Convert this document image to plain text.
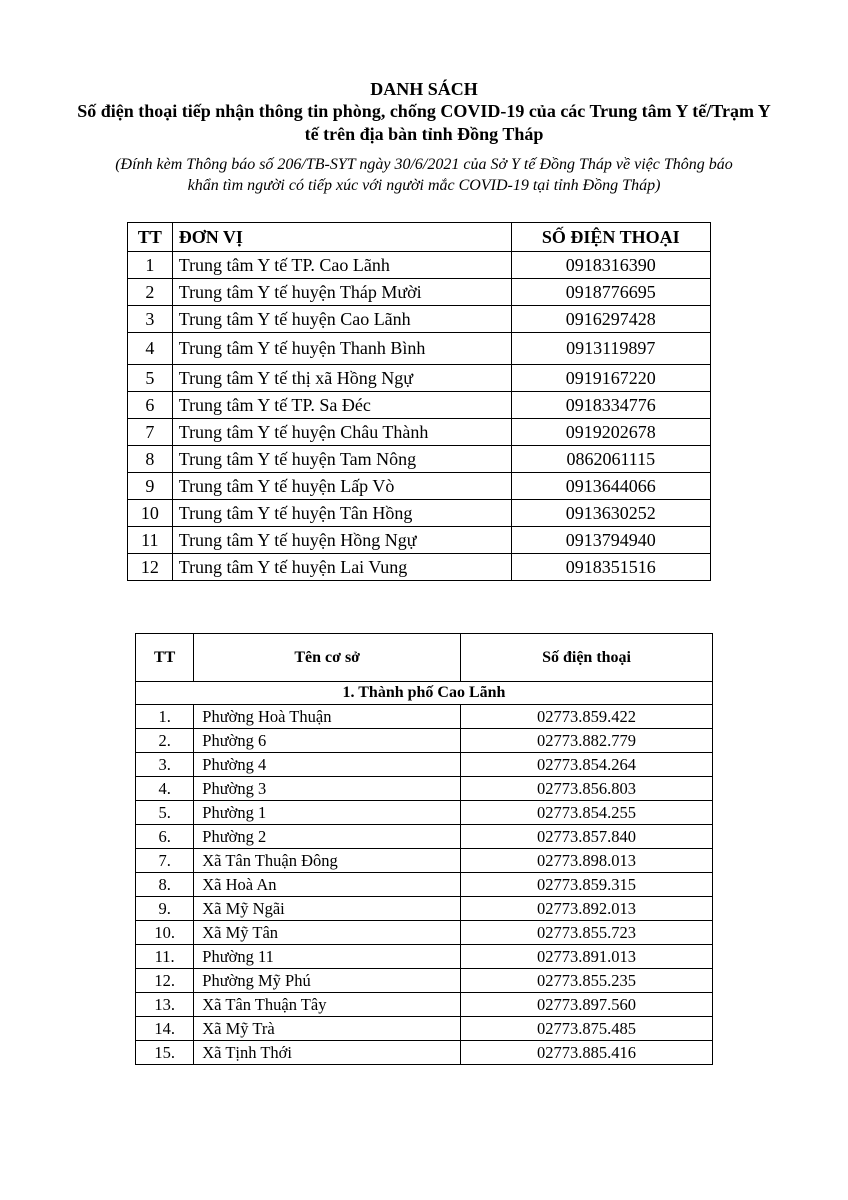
DANH SÁCH
Số điện thoại tiếp nhận thông tin phòng, chống COVID-19 của các Trung tâm Y tế/Trạm Y tế trên địa bàn tỉnh Đồng Tháp
(Đính kèm Thông báo số 206/TB-SYT ngày 30/6/2021 của Sở Y tế Đồng Tháp về việc Thông báo khẩn tìm người có tiếp xúc với người mắc COVID-19 tại tỉnh Đồng Tháp)
TT	ĐƠN VỊ	SỐ ĐIỆN THOẠI
1	Trung tâm Y tế TP. Cao Lãnh	0918316390
2	Trung tâm Y tế huyện Tháp Mười	0918776695
3	Trung tâm Y tế huyện Cao Lãnh	0916297428
4	Trung tâm Y tế huyện Thanh Bình	0913119897
5	Trung tâm Y tế thị xã Hồng Ngự	0919167220
6	Trung tâm Y tế TP. Sa Đéc	0918334776
7	Trung tâm Y tế huyện Châu Thành	0919202678
8	Trung tâm Y tế huyện Tam Nông	0862061115
9	Trung tâm Y tế huyện Lấp Vò	0913644066
10	Trung tâm Y tế huyện Tân Hồng	0913630252
11	Trung tâm Y tế huyện Hồng Ngự	0913794940
12	Trung tâm Y tế huyện Lai Vung	0918351516
TT	Tên cơ sở	Số điện thoại
1. Thành phố Cao Lãnh		
1.	Phường Hoà Thuận	02773.859.422
2.	Phường 6	02773.882.779
3.	Phường 4	02773.854.264
4.	Phường 3	02773.856.803
5.	Phường 1	02773.854.255
6.	Phường 2	02773.857.840
7.	Xã Tân Thuận Đông	02773.898.013
8.	Xã Hoà An	02773.859.315
9.	Xã Mỹ Ngãi	02773.892.013
10.	Xã Mỹ Tân	02773.855.723
11.	Phường 11	02773.891.013
12.	Phường Mỹ Phú	02773.855.235
13.	Xã Tân Thuận Tây	02773.897.560
14.	Xã Mỹ Trà	02773.875.485
15.	Xã Tịnh Thới	02773.885.416
